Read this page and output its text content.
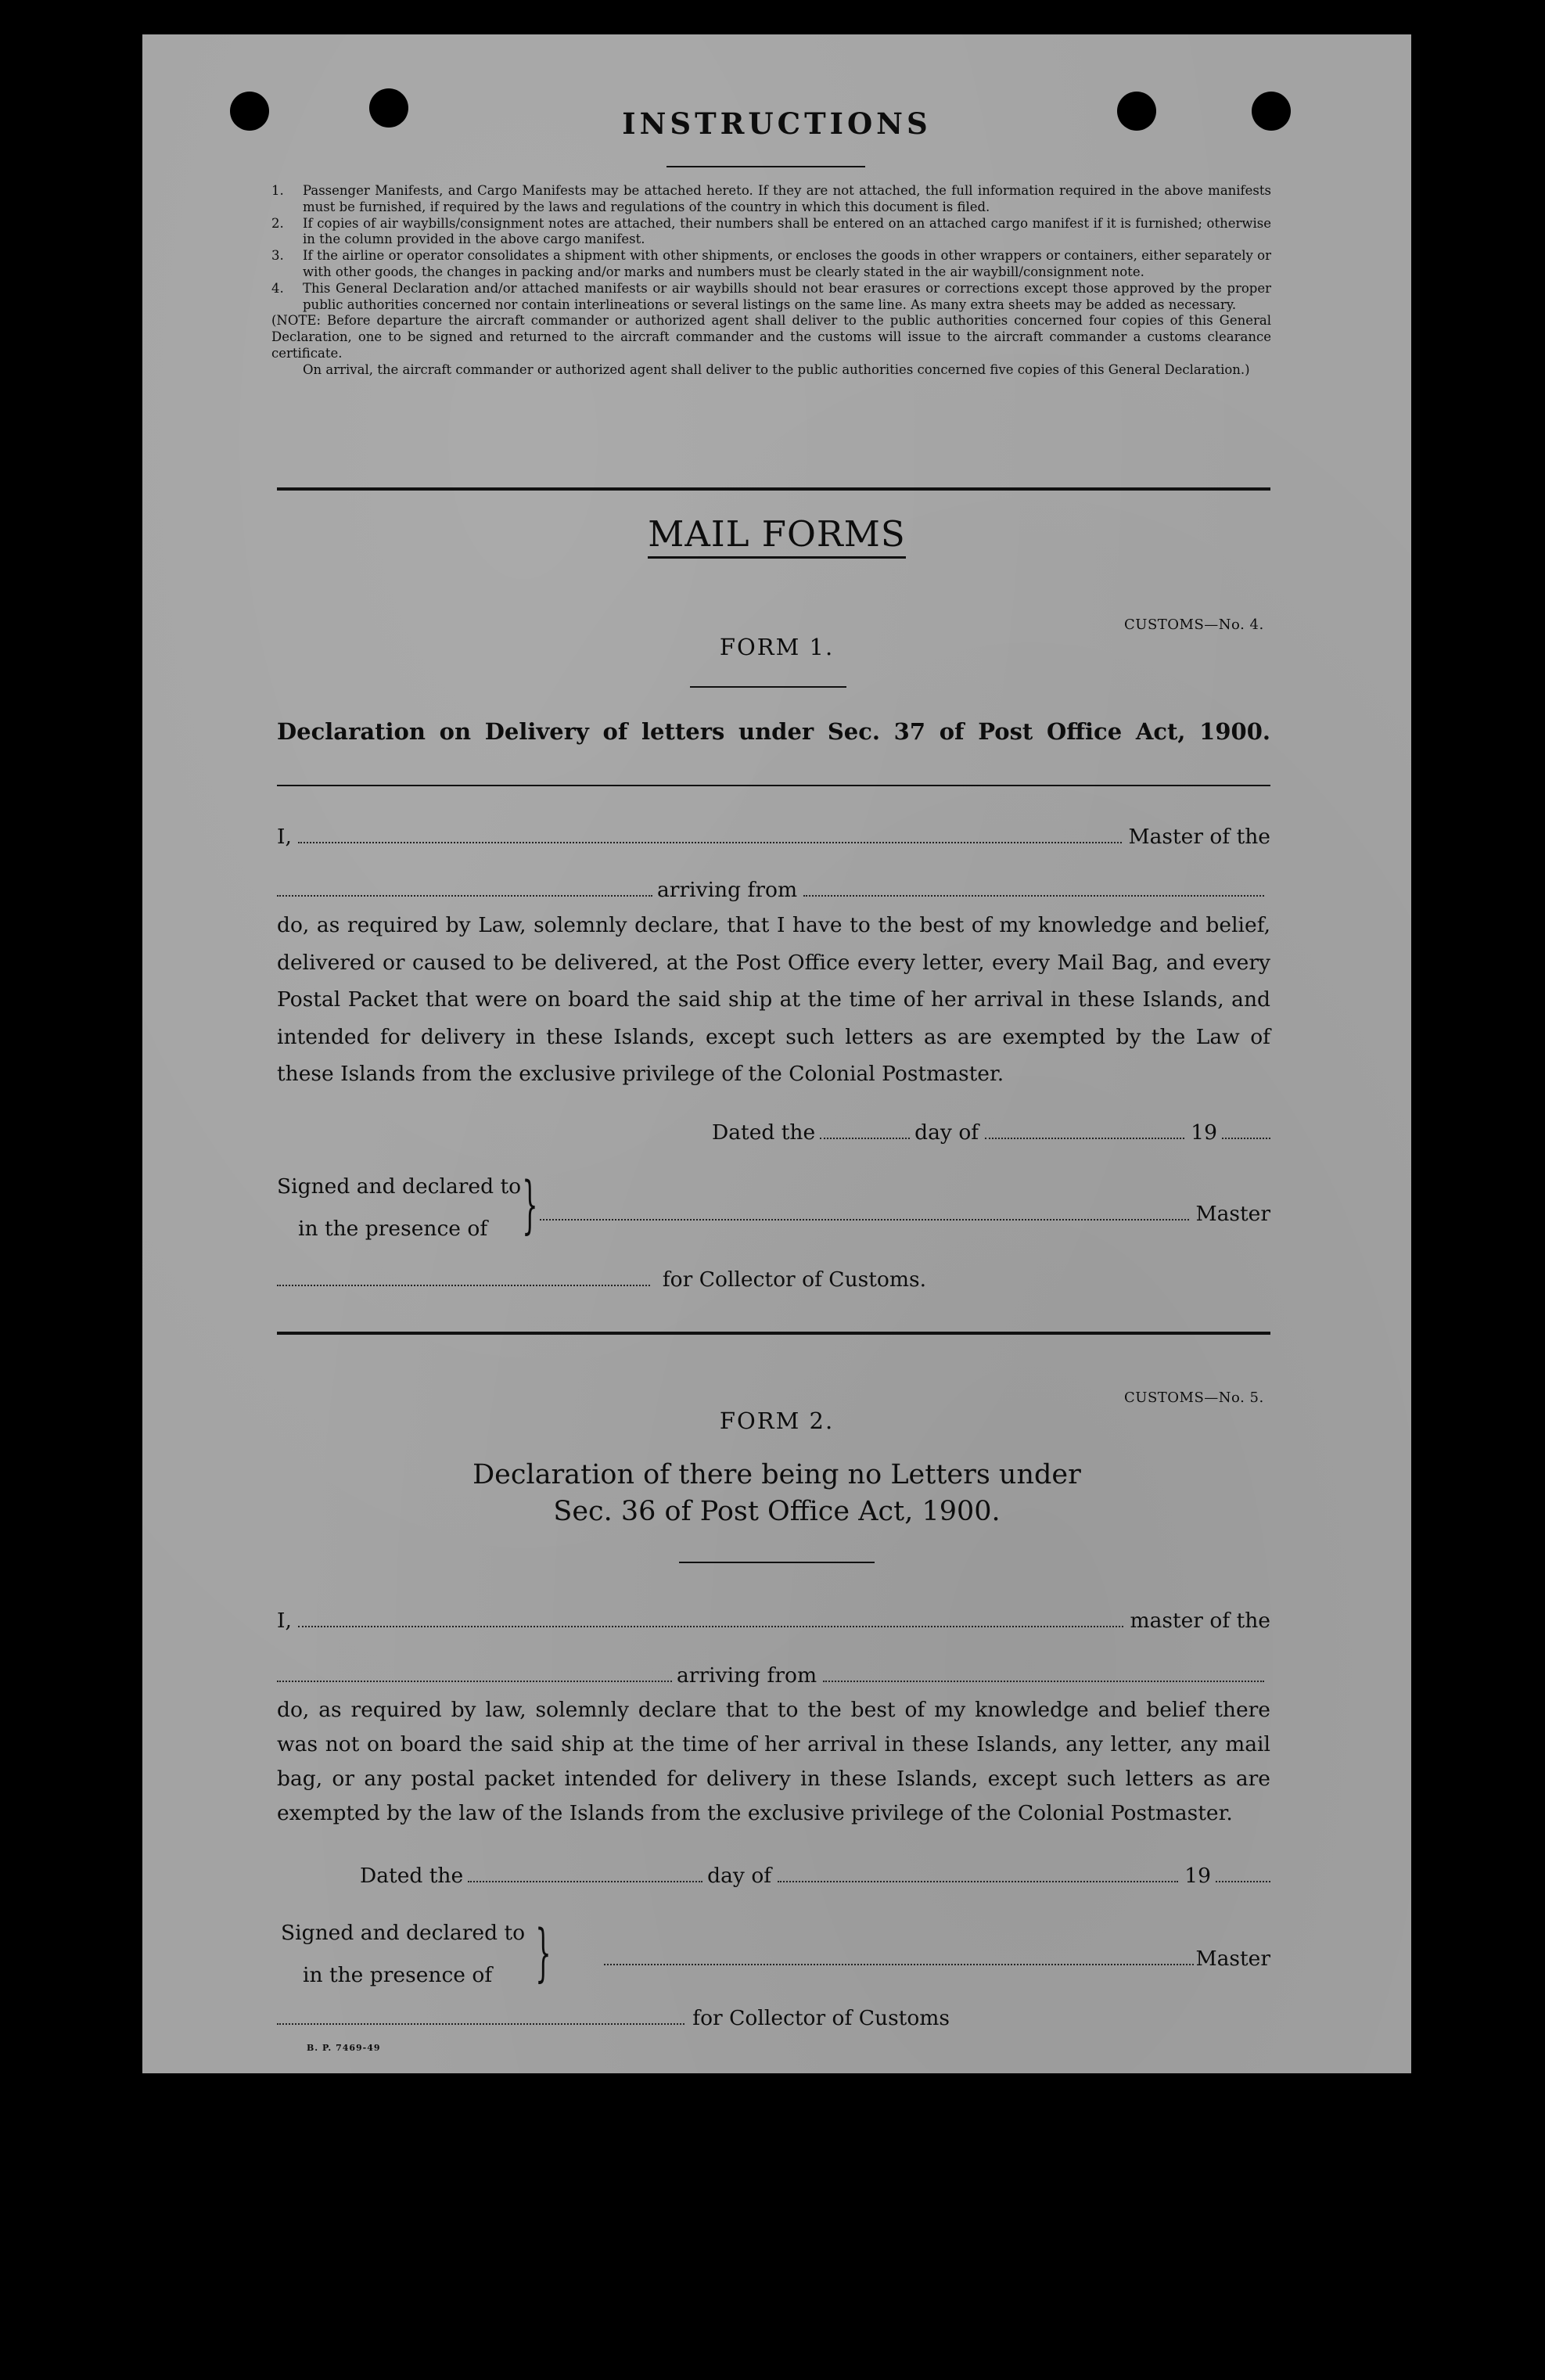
INSTRUCTIONS
1. Passenger Manifests, and Cargo Manifests may be attached hereto. If they are not attached, the full information required in the above manifests must be furnished, if required by the laws and regulations of the country in which this document is filed.
2. If copies of air waybills/consignment notes are attached, their numbers shall be entered on an attached cargo manifest if it is furnished; otherwise in the column provided in the above cargo manifest.
3. If the airline or operator consolidates a shipment with other shipments, or encloses the goods in other wrappers or containers, either separately or with other goods, the changes in packing and/or marks and numbers must be clearly stated in the air waybill/consignment note.
4. This General Declaration and/or attached manifests or air waybills should not bear erasures or corrections except those approved by the proper public authorities concerned nor contain interlineations or several listings on the same line. As many extra sheets may be added as necessary.
(NOTE: Before departure the aircraft commander or authorized agent shall deliver to the public authorities concerned four copies of this General Declaration, one to be signed and returned to the aircraft commander and the customs will issue to the aircraft commander a customs clearance certificate.
On arrival, the aircraft commander or authorized agent shall deliver to the public authorities concerned five copies of this General Declaration.)
MAIL FORMS
CUSTOMS—No. 4.
FORM 1.
Declaration on Delivery of letters under Sec. 37 of Post Office Act, 1900.
I,	Master of the
arriving from
do, as required by Law, solemnly declare, that I have to the best of my knowledge and belief, delivered or caused to be delivered, at the Post Office every letter, every Mail Bag, and every Postal Packet that were on board the said ship at the time of her arrival in these Islands, and intended for delivery in these Islands, except such letters as are exempted by the Law of these Islands from the exclusive privilege of the Colonial Postmaster.
Dated the	day of	19
Signed and declared to
in the presence of }	Master
for Collector of Customs.
CUSTOMS—No. 5.
FORM 2.
Declaration of there being no Letters under
Sec. 36 of Post Office Act, 1900.
I,	master of the
arriving from
do, as required by law, solemnly declare that to the best of my knowledge and belief there was not on board the said ship at the time of her arrival in these Islands, any letter, any mail bag, or any postal packet intended for delivery in these Islands, except such letters as are exempted by the law of the Islands from the exclusive privilege of the Colonial Postmaster.
Dated the	day of	19
Signed and declared to
in the presence of }	Master
for Collector of Customs
B. P. 7469-49
